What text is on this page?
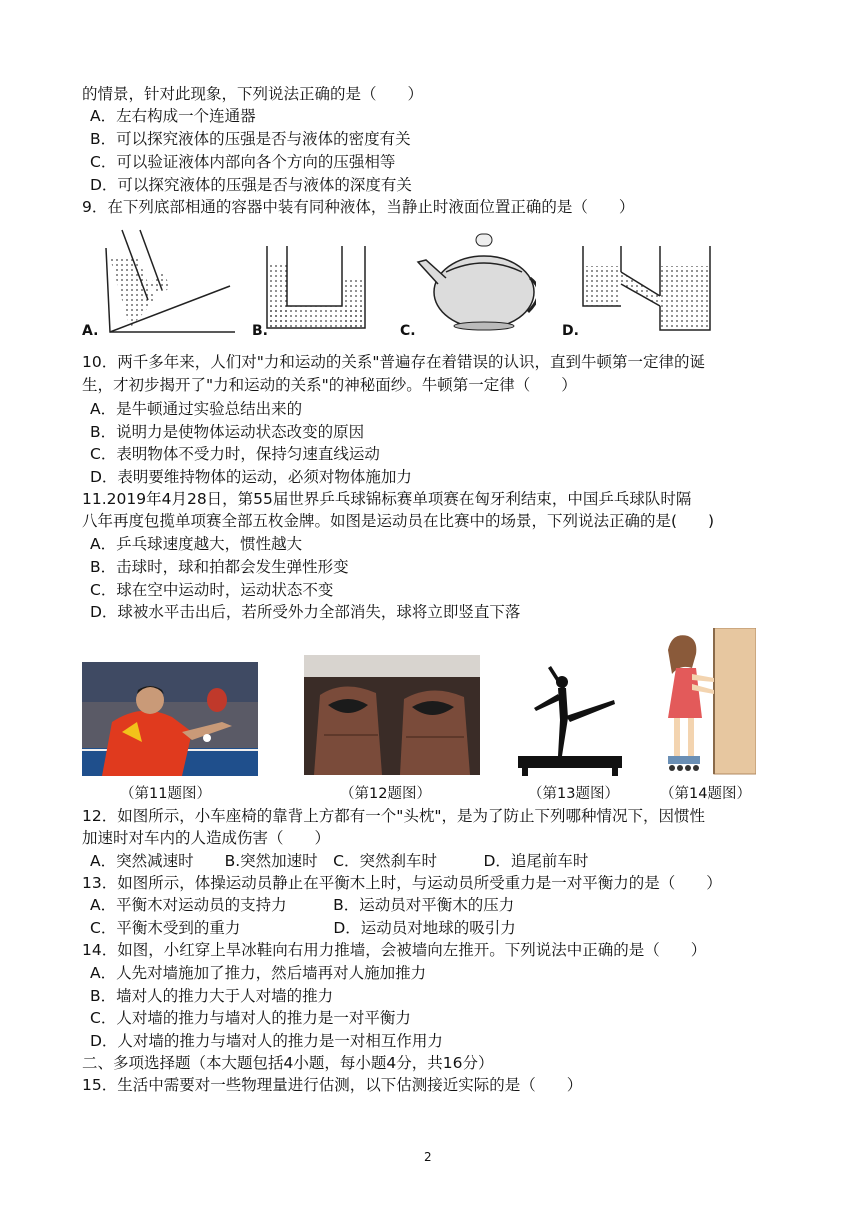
的情景，针对此现象，下列说法正确的是（　　）
A．左右构成一个连通器
B．可以探究液体的压强是否与液体的密度有关
C．可以验证液体内部向各个方向的压强相等
D．可以探究液体的压强是否与液体的深度有关
9．在下列底部相通的容器中装有同种液体，当静止时液面位置正确的是（　　）
A.	B.	C.	D.
10．两千多年来，人们对"力和运动的关系"普遍存在着错误的认识，直到牛顿第一定律的诞
生，才初步揭开了"力和运动的关系"的神秘面纱。牛顿第一定律（　　）
A．是牛顿通过实验总结出来的
B．说明力是使物体运动状态改变的原因
C．表明物体不受力时，保持匀速直线运动
D．表明要维持物体的运动，必须对物体施加力
11.2019年4月28日，第55届世界乒乓球锦标赛单项赛在匈牙利结束，中国乒乓球队时隔
八年再度包揽单项赛全部五枚金牌。如图是运动员在比赛中的场景，下列说法正确的是(　　)
A．乒乓球速度越大，惯性越大
B．击球时，球和拍都会发生弹性形变
C．球在空中运动时，运动状态不变
D．球被水平击出后，若所受外力全部消失，球将立即竖直下落
（第11题图）	（第12题图）	（第13题图）	（第14题图）
12．如图所示，小车座椅的靠背上方都有一个"头枕"，是为了防止下列哪种情况下，因惯性
加速时对车内的人造成伤害（　　）
A．突然减速时　　B.突然加速时　C．突然刹车时　　　D．追尾前车时
13．如图所示，体操运动员静止在平衡木上时，与运动员所受重力是一对平衡力的是（　　）
A．平衡木对运动员的支持力　　　B．运动员对平衡木的压力
C．平衡木受到的重力　　　　　　D．运动员对地球的吸引力
14．如图，小红穿上旱冰鞋向右用力推墙，会被墙向左推开。下列说法中正确的是（　　）
A．人先对墙施加了推力，然后墙再对人施加推力
B．墙对人的推力大于人对墙的推力
C．人对墙的推力与墙对人的推力是一对平衡力
D．人对墙的推力与墙对人的推力是一对相互作用力
二、多项选择题（本大题包括4小题，每小题4分，共16分）
15．生活中需要对一些物理量进行估测，以下估测接近实际的是（　　）
2
